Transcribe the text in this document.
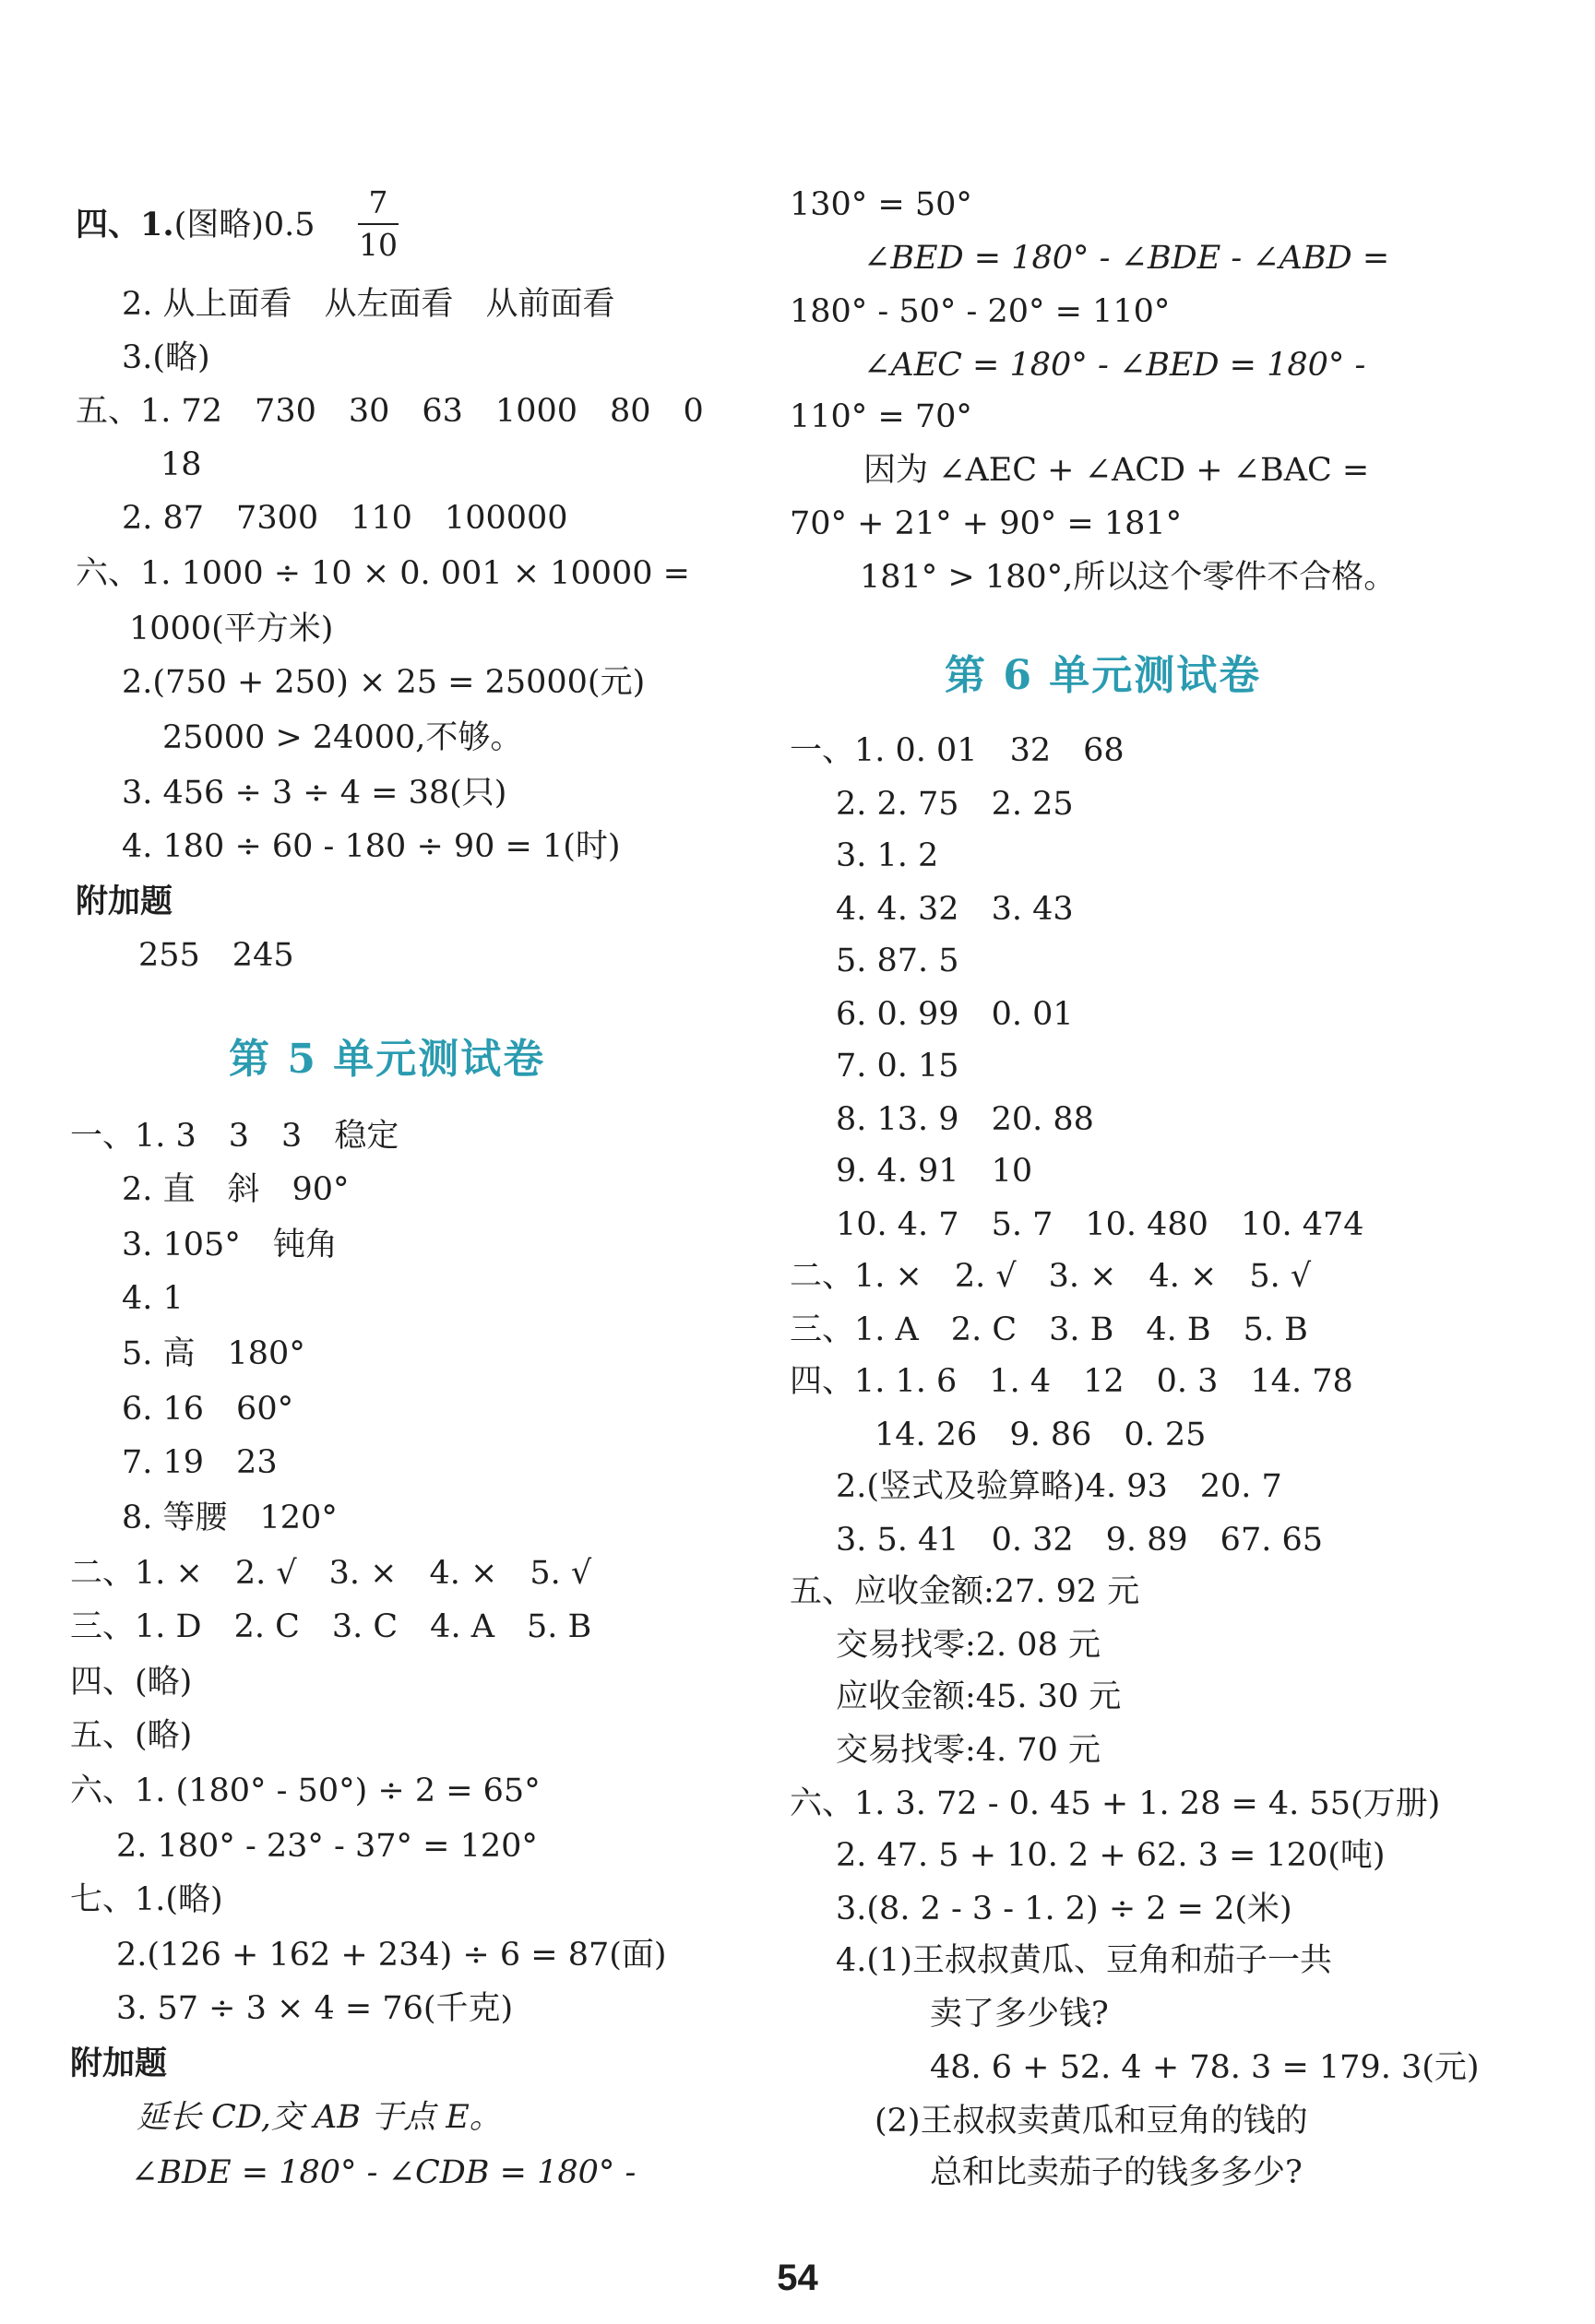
四、1.(图略)0.5
7
10
2. 从上面看　从左面看　从前面看
3.(略)
五、1. 72　730　30　63　1000　80　0
18
2. 87　7300　110　100000
六、1. 1000 ÷ 10 × 0. 001 × 10000 =
1000(平方米)
2.(750 + 250) × 25 = 25000(元)
25000 > 24000,不够。
3. 456 ÷ 3 ÷ 4 = 38(只)
4. 180 ÷ 60 - 180 ÷ 90 = 1(时)
附加题
255　245
第 5 单元测试卷
一、1. 3　3　3　稳定
2. 直　斜　90°
3. 105°　钝角
4. 1
5. 高　180°
6. 16　60°
7. 19　23
8. 等腰　120°
二、1. ×　2. √　3. ×　4. ×　5. √
三、1. D　2. C　3. C　4. A　5. B
四、(略)
五、(略)
六、1. (180° - 50°) ÷ 2 = 65°
2. 180° - 23° - 37° = 120°
七、1.(略)
2.(126 + 162 + 234) ÷ 6 = 87(面)
3. 57 ÷ 3 × 4 = 76(千克)
附加题
延长 CD,交 AB 于点 E。
∠BDE = 180° - ∠CDB = 180° -
130° = 50°
∠BED = 180° - ∠BDE - ∠ABD =
180° - 50° - 20° = 110°
∠AEC = 180° - ∠BED = 180° -
110° = 70°
因为 ∠AEC + ∠ACD + ∠BAC =
70° + 21° + 90° = 181°
181° > 180°,所以这个零件不合格。
第 6 单元测试卷
一、1. 0. 01　32　68
2. 2. 75　2. 25
3. 1. 2
4. 4. 32　3. 43
5. 87. 5
6. 0. 99　0. 01
7. 0. 15
8. 13. 9　20. 88
9. 4. 91　10
10. 4. 7　5. 7　10. 480　10. 474
二、1. ×　2. √　3. ×　4. ×　5. √
三、1. A　2. C　3. B　4. B　5. B
四、1. 1. 6　1. 4　12　0. 3　14. 78
14. 26　9. 86　0. 25
2.(竖式及验算略)4. 93　20. 7
3. 5. 41　0. 32　9. 89　67. 65
五、应收金额:27. 92 元
交易找零:2. 08 元
应收金额:45. 30 元
交易找零:4. 70 元
六、1. 3. 72 - 0. 45 + 1. 28 = 4. 55(万册)
2. 47. 5 + 10. 2 + 62. 3 = 120(吨)
3.(8. 2 - 3 - 1. 2) ÷ 2 = 2(米)
4.(1)王叔叔黄瓜、豆角和茄子一共
卖了多少钱?
48. 6 + 52. 4 + 78. 3 = 179. 3(元)
(2)王叔叔卖黄瓜和豆角的钱的
总和比卖茄子的钱多多少?
54
